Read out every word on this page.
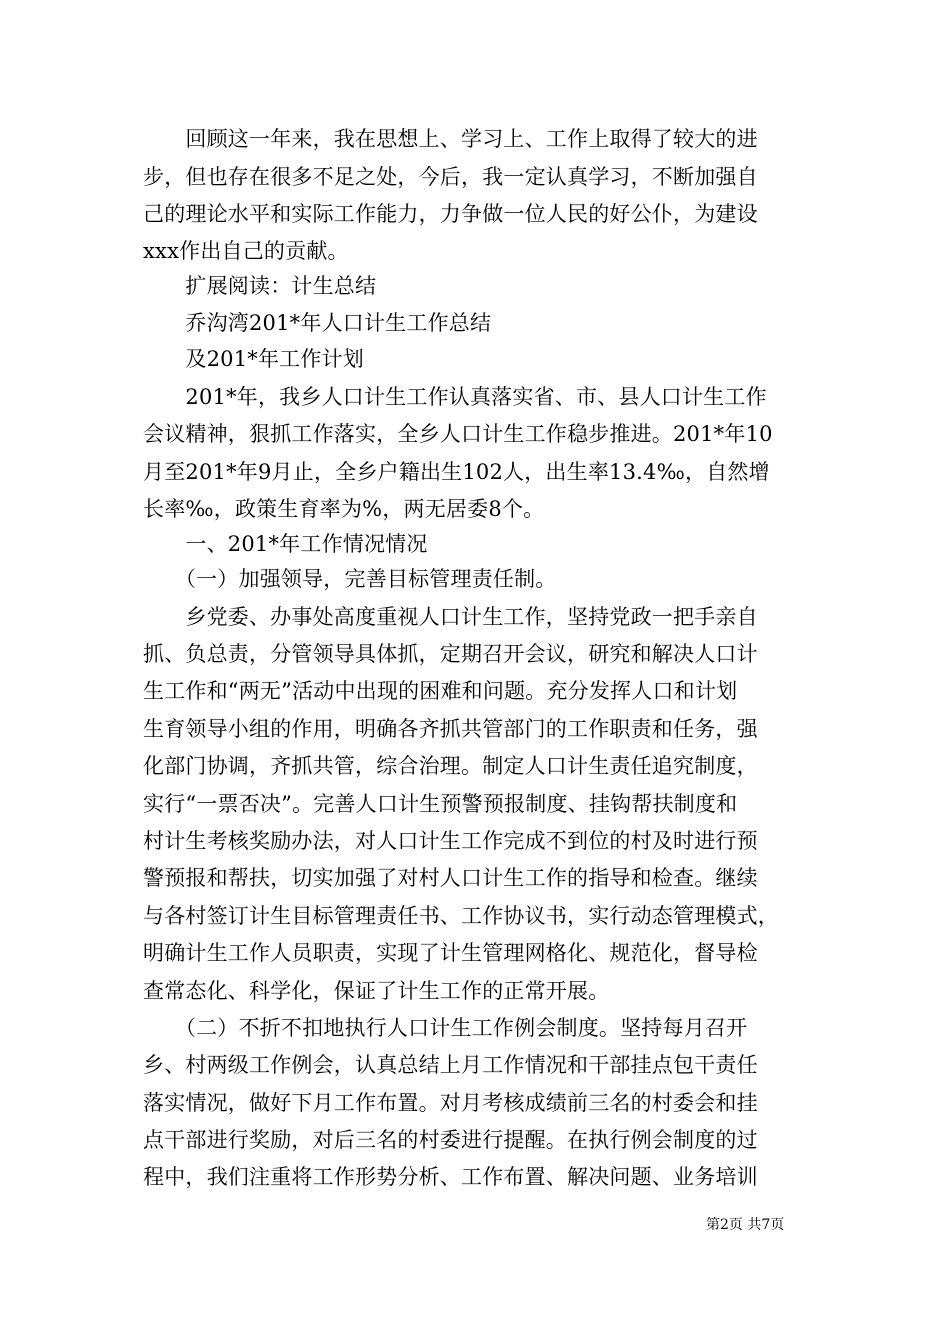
　　回顾这一年来，我在思想上、学习上、工作上取得了较大的进
步，但也存在很多不足之处，今后，我一定认真学习，不断加强自
己的理论水平和实际工作能力，力争做一位人民的好公仆，为建设
xxx作出自己的贡献。
　　扩展阅读：计生总结
　　乔沟湾201*年人口计生工作总结
　　及201*年工作计划
　　201*年，我乡人口计生工作认真落实省、市、县人口计生工作
会议精神，狠抓工作落实，全乡人口计生工作稳步推进。201*年10
月至201*年9月止，全乡户籍出生102人，出生率13.4‰，自然增
长率‰，政策生育率为%，两无居委8个。
　　一、201*年工作情况情况
　　（一）加强领导，完善目标管理责任制。
　　乡党委、办事处高度重视人口计生工作，坚持党政一把手亲自
抓、负总责，分管领导具体抓，定期召开会议，研究和解决人口计
生工作和“两无”活动中出现的困难和问题。充分发挥人口和计划
生育领导小组的作用，明确各齐抓共管部门的工作职责和任务，强
化部门协调，齐抓共管，综合治理。制定人口计生责任追究制度，
实行“一票否决”。完善人口计生预警预报制度、挂钩帮扶制度和
村计生考核奖励办法，对人口计生工作完成不到位的村及时进行预
警预报和帮扶，切实加强了对村人口计生工作的指导和检查。继续
与各村签订计生目标管理责任书、工作协议书，实行动态管理模式，
明确计生工作人员职责，实现了计生管理网格化、规范化，督导检
查常态化、科学化，保证了计生工作的正常开展。
　　（二）不折不扣地执行人口计生工作例会制度。坚持每月召开
乡、村两级工作例会，认真总结上月工作情况和干部挂点包干责任
落实情况，做好下月工作布置。对月考核成绩前三名的村委会和挂
点干部进行奖励，对后三名的村委进行提醒。在执行例会制度的过
程中，我们注重将工作形势分析、工作布置、解决问题、业务培训
第2页 共7页
